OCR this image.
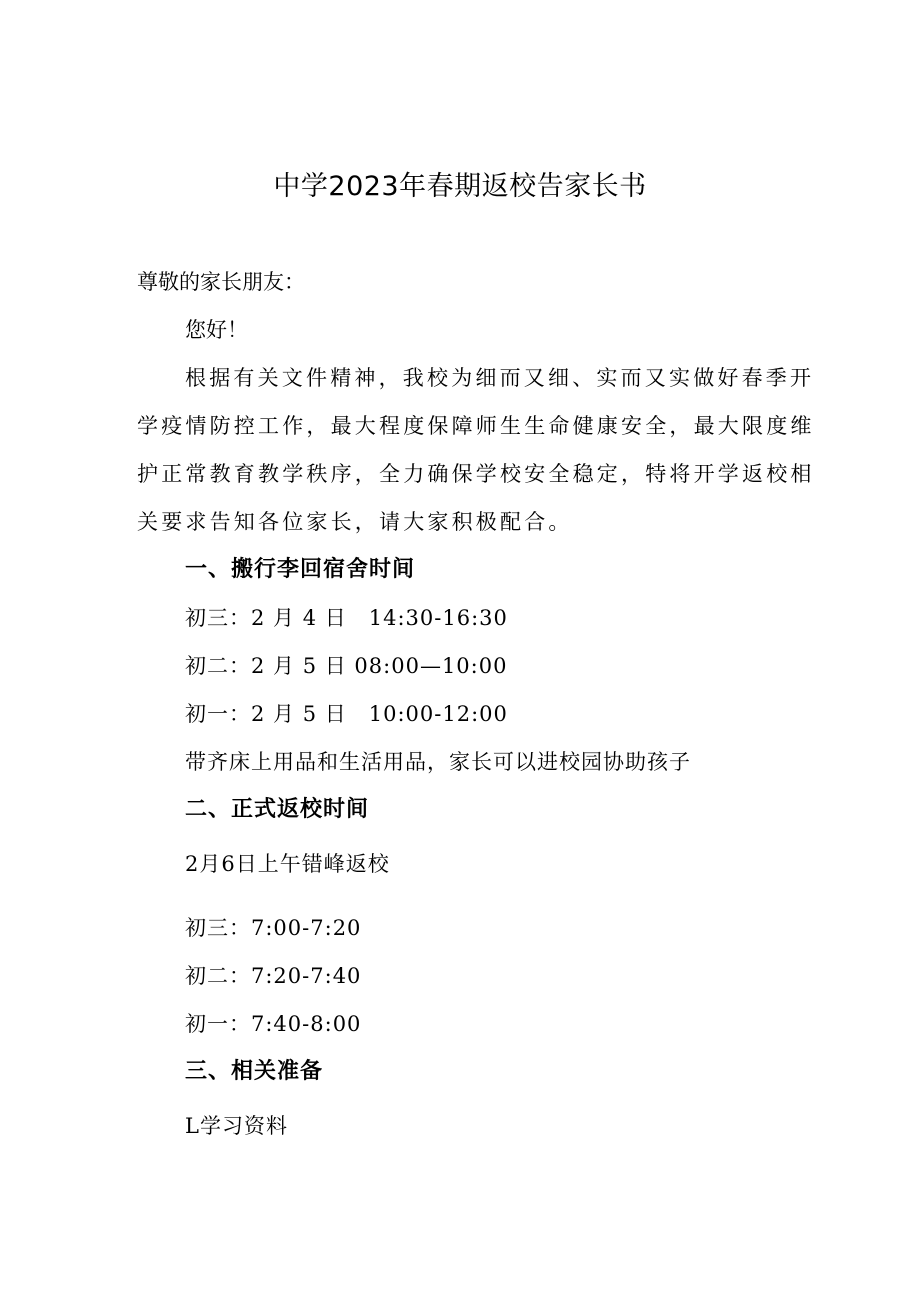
中学2023年春期返校告家长书
尊敬的家长朋友：
您好！
根据有关文件精神，我校为细而又细、实而又实做好春季开
学疫情防控工作，最大程度保障师生生命健康安全，最大限度维
护正常教育教学秩序，全力确保学校安全稳定，特将开学返校相
关要求告知各位家长，请大家积极配合。
一、搬行李回宿舍时间
初三：2 月 4 日　14:30-16:30
初二：2 月 5 日 08:00—10:00
初一：2 月 5 日　10:00-12:00
带齐床上用品和生活用品，家长可以进校园协助孩子
二、正式返校时间
2月6日上午错峰返校
初三：7:00-7:20
初二：7:20-7:40
初一：7:40-8:00
三、相关准备
L学习资料
